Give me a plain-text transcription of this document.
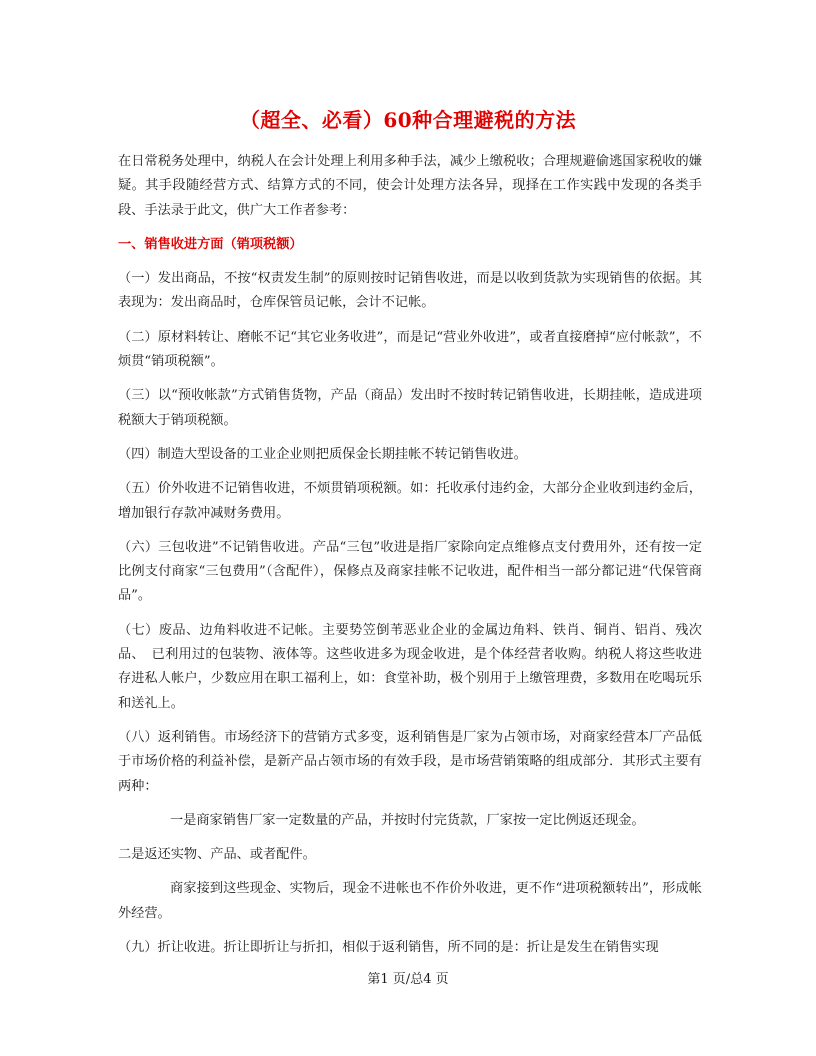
（超全、必看）60种合理避税的方法

在日常税务处理中，纳税人在会计处理上利用多种手法，减少上缴税收；合理规避偷逃国家税收的嫌疑。其手段随经营方式、结算方式的不同，使会计处理方法各异，现择在工作实践中发现的各类手段、手法录于此文，供广大工作者参考：

一、销售收进方面（销项税额）

（一）发出商品，不按“权责发生制”的原则按时记销售收进，而是以收到货款为实现销售的依据。其表现为：发出商品时，仓库保管员记帐，会计不记帐。

（二）原材料转让、磨帐不记“其它业务收进”，而是记“营业外收进”，或者直接磨掉“应付帐款”，不烦贯“销项税额”。

（三）以“预收帐款”方式销售货物，产品（商品）发出时不按时转记销售收进，长期挂帐，造成进项税额大于销项税额。

（四）制造大型设备的工业企业则把质保金长期挂帐不转记销售收进。

（五）价外收进不记销售收进，不烦贯销项税额。如：托收承付违约金，大部分企业收到违约金后，增加银行存款冲减财务费用。

（六）三包收进”不记销售收进。产品“三包”收进是指厂家除向定点维修点支付费用外，还有按一定比例支付商家“三包费用”（含配件），保修点及商家挂帐不记收进，配件相当一部分都记进“代保管商品”。

（七）废品、边角料收进不记帐。主要势笠倒苇恶业企业的金属边角料、铁肖、铜肖、铝肖、残次品、　已利用过的包装物、液体等。这些收进多为现金收进，是个体经营者收购。纳税人将这些收进存进私人帐户，少数应用在职工福利上，如：食堂补助，极个别用于上缴管理费，多数用在吃喝玩乐和送礼上。

（八）返利销售。市场经济下的营销方式多变，返利销售是厂家为占领市场，对商家经营本厂产品低于市场价格的利益补偿，是新产品占领市场的有效手段，是市场营销策略的组成部分．其形式主要有两种：

一是商家销售厂家一定数量的产品，并按时付完货款，厂家按一定比例返还现金。

二是返还实物、产品、或者配件。

商家接到这些现金、实物后，现金不进帐也不作价外收进，更不作“进项税额转出”，形成帐外经营。

（九）折让收进。折让即折让与折扣，相似于返利销售，所不同的是：折让是发生在销售实现

第1 页/总4 页
